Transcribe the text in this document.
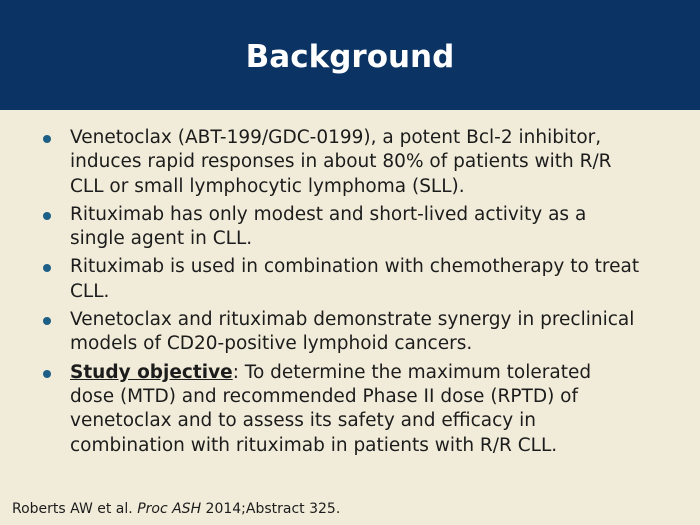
Background
Venetoclax (ABT-199/GDC-0199), a potent Bcl-2 inhibitor, induces rapid responses in about 80% of patients with R/R CLL or small lymphocytic lymphoma (SLL).
Rituximab has only modest and short-lived activity as a single agent in CLL.
Rituximab is used in combination with chemotherapy to treat CLL.
Venetoclax and rituximab demonstrate synergy in preclinical models of CD20-positive lymphoid cancers.
Study objective: To determine the maximum tolerated dose (MTD) and recommended Phase II dose (RPTD) of venetoclax and to assess its safety and efficacy in combination with rituximab in patients with R/R CLL.

Roberts AW et al. Proc ASH 2014;Abstract 325.
